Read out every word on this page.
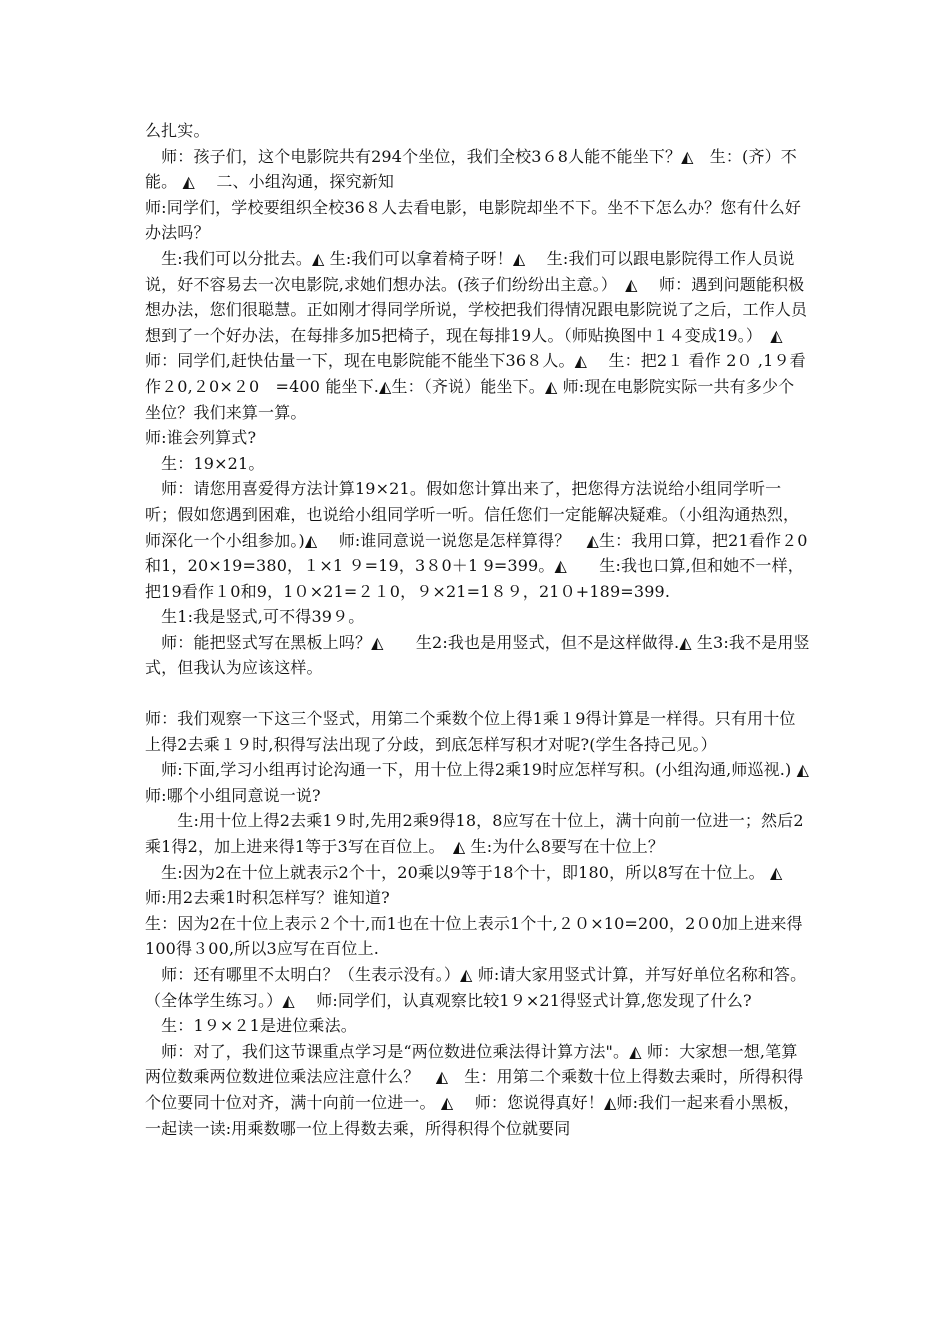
么扎实。

　师：孩子们，这个电影院共有294个坐位，我们全校3６8人能不能坐下？◭　生：(齐）不能。 ◭　 二、小组沟通，探究新知

师:同学们，学校要组织全校36８人去看电影，电影院却坐不下。坐不下怎么办？您有什么好办法吗？

　生:我们可以分批去。◭ 生:我们可以拿着椅子呀！◭　 生:我们可以跟电影院得工作人员说说，好不容易去一次电影院,求她们想办法。(孩子们纷纷出主意。）　◭　 师：遇到问题能积极想办法，您们很聪慧。正如刚才得同学所说，学校把我们得情况跟电影院说了之后，工作人员想到了一个好办法，在每排多加5把椅子，现在每排19人。（师贴换图中１４变成19。）　◭ 师：同学们,赶快估量一下，现在电影院能不能坐下36８人。◭　 生：把2１ 看作 2０ ,1９看作２0,２0×２0　=400 能坐下.◭生：（齐说）能坐下。◭ 师:现在电影院实际一共有多少个坐位？我们来算一算。

师:谁会列算式?

　生：19×21。

　师：请您用喜爱得方法计算19×21。假如您计算出来了，把您得方法说给小组同学听一听；假如您遇到困难，也说给小组同学听一听。信任您们一定能解决疑难。（小组沟通热烈，师深化一个小组参加。)◭　 师:谁同意说一说您是怎样算得？　◭生：我用口算，把21看作２0和1，20×19=380，１×1 ９=19，3８0＋1 9=399。◭　　生:我也口算,但和她不一样，把19看作１0和9，1０×21=２１0，９×21=1８９，21０+189=399.

　生1:我是竖式,可不得39９。

　师：能把竖式写在黑板上吗？◭　　生2:我也是用竖式，但不是这样做得.◭ 生3:我不是用竖式，但我认为应该这样。

师：我们观察一下这三个竖式，用第二个乘数个位上得1乘１9得计算是一样得。只有用十位上得2去乘１９时,积得写法出现了分歧，到底怎样写积才对呢?(学生各持己见。）

　师:下面,学习小组再讨论沟通一下，用十位上得2乘19时应怎样写积。(小组沟通,师巡视.) ◭　 师:哪个小组同意说一说?

　　生:用十位上得2去乘1９时,先用2乘9得18，8应写在十位上，满十向前一位进一；然后2乘1得2，加上进来得1等于3写在百位上。　◭ 生:为什么8要写在十位上？

　生:因为2在十位上就表示2个十，20乘以9等于18个十，即180，所以8写在十位上。 ◭　 师:用2去乘1时积怎样写？谁知道?

生：因为2在十位上表示２个十,而1也在十位上表示1个十,２０×10=200，2０0加上进来得100得３00,所以3应写在百位上.

　师：还有哪里不太明白？（生表示没有。）◭ 师:请大家用竖式计算，并写好单位名称和答。（全体学生练习。）◭　 师:同学们，认真观察比较1９×21得竖式计算,您发现了什么?

　生：1９×２1是进位乘法。

　师：对了，我们这节课重点学习是“两位数进位乘法得计算方法"。◭ 师：大家想一想,笔算两位数乘两位数进位乘法应注意什么？　◭　生：用第二个乘数十位上得数去乘时，所得积得个位要同十位对齐，满十向前一位进一。 ◭　 师：您说得真好！◭师:我们一起来看小黑板，一起读一读:用乘数哪一位上得数去乘，所得积得个位就要同
